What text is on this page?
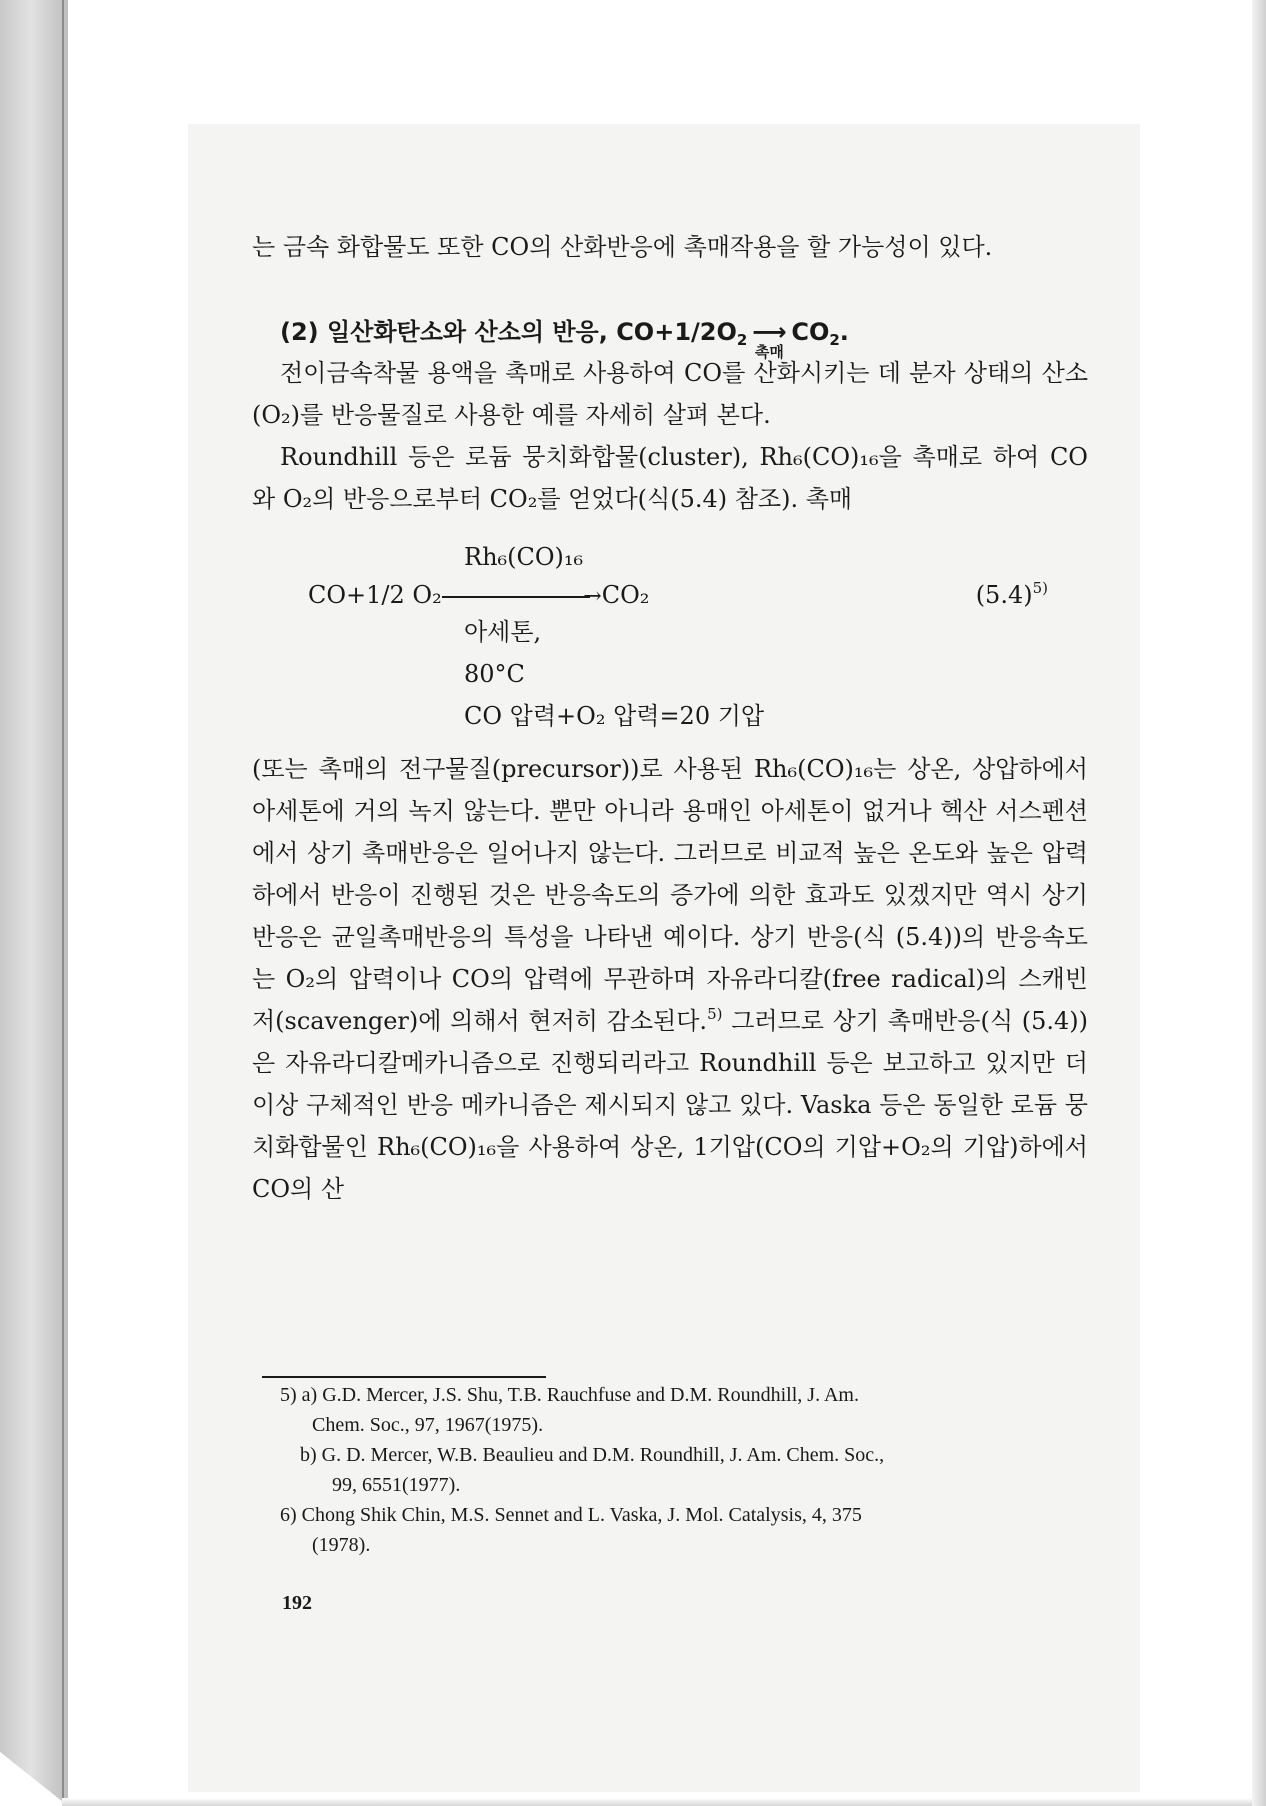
는 금속 화합물도 또한 CO의 산화반응에 촉매작용을 할 가능성이 있다.

(2) 일산화탄소와 산소의 반응, $CO+1/2O_2$ ⟶
촉매
$CO_2$.

전이금속착물 용액을 촉매로 사용하여 CO를 산화시키는 데 분자 상태의 산소(O₂)를 반응물질로 사용한 예를 자세히 살펴 본다.

Roundhill 등은 로듐 뭉치화합물(cluster), Rh₆(CO)₁₆을 촉매로 하여 CO와 O₂의 반응으로부터 CO₂를 얻었다(식(5.4) 참조). 촉매

Rh₆(CO)₁₆
CO+1/2 O₂	→ CO₂	$(5.4)^{5)}$
아세톤,
80°C
CO 압력+O₂ 압력=20 기압

(또는 촉매의 전구물질(precursor))로 사용된 Rh₆(CO)₁₆는 상온, 상압하에서 아세톤에 거의 녹지 않는다. 뿐만 아니라 용매인 아세톤이 없거나 헥산 서스펜션에서 상기 촉매반응은 일어나지 않는다. 그러므로 비교적 높은 온도와 높은 압력하에서 반응이 진행된 것은 반응속도의 증가에 의한 효과도 있겠지만 역시 상기 반응은 균일촉매반응의 특성을 나타낸 예이다. 상기 반응(식 (5.4))의 반응속도는 O₂의 압력이나 CO의 압력에 무관하며 자유라디칼(free radical)의 스캐빈저(scavenger)에 의해서 현저히 감소된다.$^{5)}$ 그러므로 상기 촉매반응(식 (5.4))은 자유라디칼메카니즘으로 진행되리라고 Roundhill 등은 보고하고 있지만 더이상 구체적인 반응 메카니즘은 제시되지 않고 있다. Vaska 등은 동일한 로듐 뭉치화합물인 Rh₆(CO)₁₆을 사용하여 상온, 1기압(CO의 기압+O₂의 기압)하에서 CO의 산

5) a) G.D. Mercer, J.S. Shu, T.B. Rauchfuse and D.M. Roundhill, J. Am.
Chem. Soc., 97, 1967(1975).

b) G. D. Mercer, W.B. Beaulieu and D.M. Roundhill, J. Am. Chem. Soc.,
99, 6551(1977).

6) Chong Shik Chin, M.S. Sennet and L. Vaska, J. Mol. Catalysis, 4, 375
(1978).

192
